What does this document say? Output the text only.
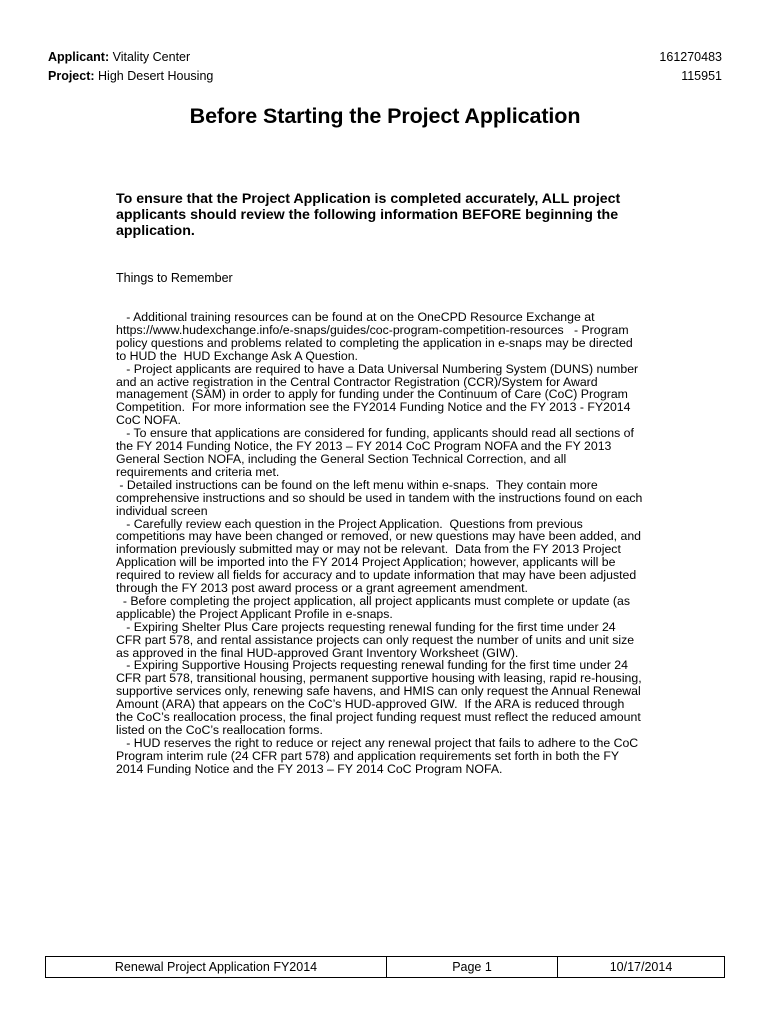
Applicant: Vitality Center	161270483
Project: High Desert Housing	115951
Before Starting the Project Application
To ensure that the Project Application is completed accurately, ALL project applicants should review the following information BEFORE beginning the application.
Things to Remember
- Additional training resources can be found at on the OneCPD Resource Exchange at
https://www.hudexchange.info/e-snaps/guides/coc-program-competition-resources   - Program
policy questions and problems related to completing the application in e-snaps may be directed
to HUD the  HUD Exchange Ask A Question.
- Project applicants are required to have a Data Universal Numbering System (DUNS) number
and an active registration in the Central Contractor Registration (CCR)/System for Award
management (SAM) in order to apply for funding under the Continuum of Care (CoC) Program
Competition.  For more information see the FY2014 Funding Notice and the FY 2013 - FY2014
CoC NOFA.
- To ensure that applications are considered for funding, applicants should read all sections of
the FY 2014 Funding Notice, the FY 2013 – FY 2014 CoC Program NOFA and the FY 2013
General Section NOFA, including the General Section Technical Correction, and all
requirements and criteria met.
- Detailed instructions can be found on the left menu within e-snaps.  They contain more
comprehensive instructions and so should be used in tandem with the instructions found on each
individual screen
- Carefully review each question in the Project Application.  Questions from previous
competitions may have been changed or removed, or new questions may have been added, and
information previously submitted may or may not be relevant.  Data from the FY 2013 Project
Application will be imported into the FY 2014 Project Application; however, applicants will be
required to review all fields for accuracy and to update information that may have been adjusted
through the FY 2013 post award process or a grant agreement amendment.
- Before completing the project application, all project applicants must complete or update (as
applicable) the Project Applicant Profile in e-snaps.
- Expiring Shelter Plus Care projects requesting renewal funding for the first time under 24
CFR part 578, and rental assistance projects can only request the number of units and unit size
as approved in the final HUD-approved Grant Inventory Worksheet (GIW).
- Expiring Supportive Housing Projects requesting renewal funding for the first time under 24
CFR part 578, transitional housing, permanent supportive housing with leasing, rapid re-housing,
supportive services only, renewing safe havens, and HMIS can only request the Annual Renewal
Amount (ARA) that appears on the CoC’s HUD-approved GIW.  If the ARA is reduced through
the CoC’s reallocation process, the final project funding request must reflect the reduced amount
listed on the CoC’s reallocation forms.
- HUD reserves the right to reduce or reject any renewal project that fails to adhere to the CoC
Program interim rule (24 CFR part 578) and application requirements set forth in both the FY
2014 Funding Notice and the FY 2013 – FY 2014 CoC Program NOFA.
Renewal Project Application FY2014	Page 1	10/17/2014
